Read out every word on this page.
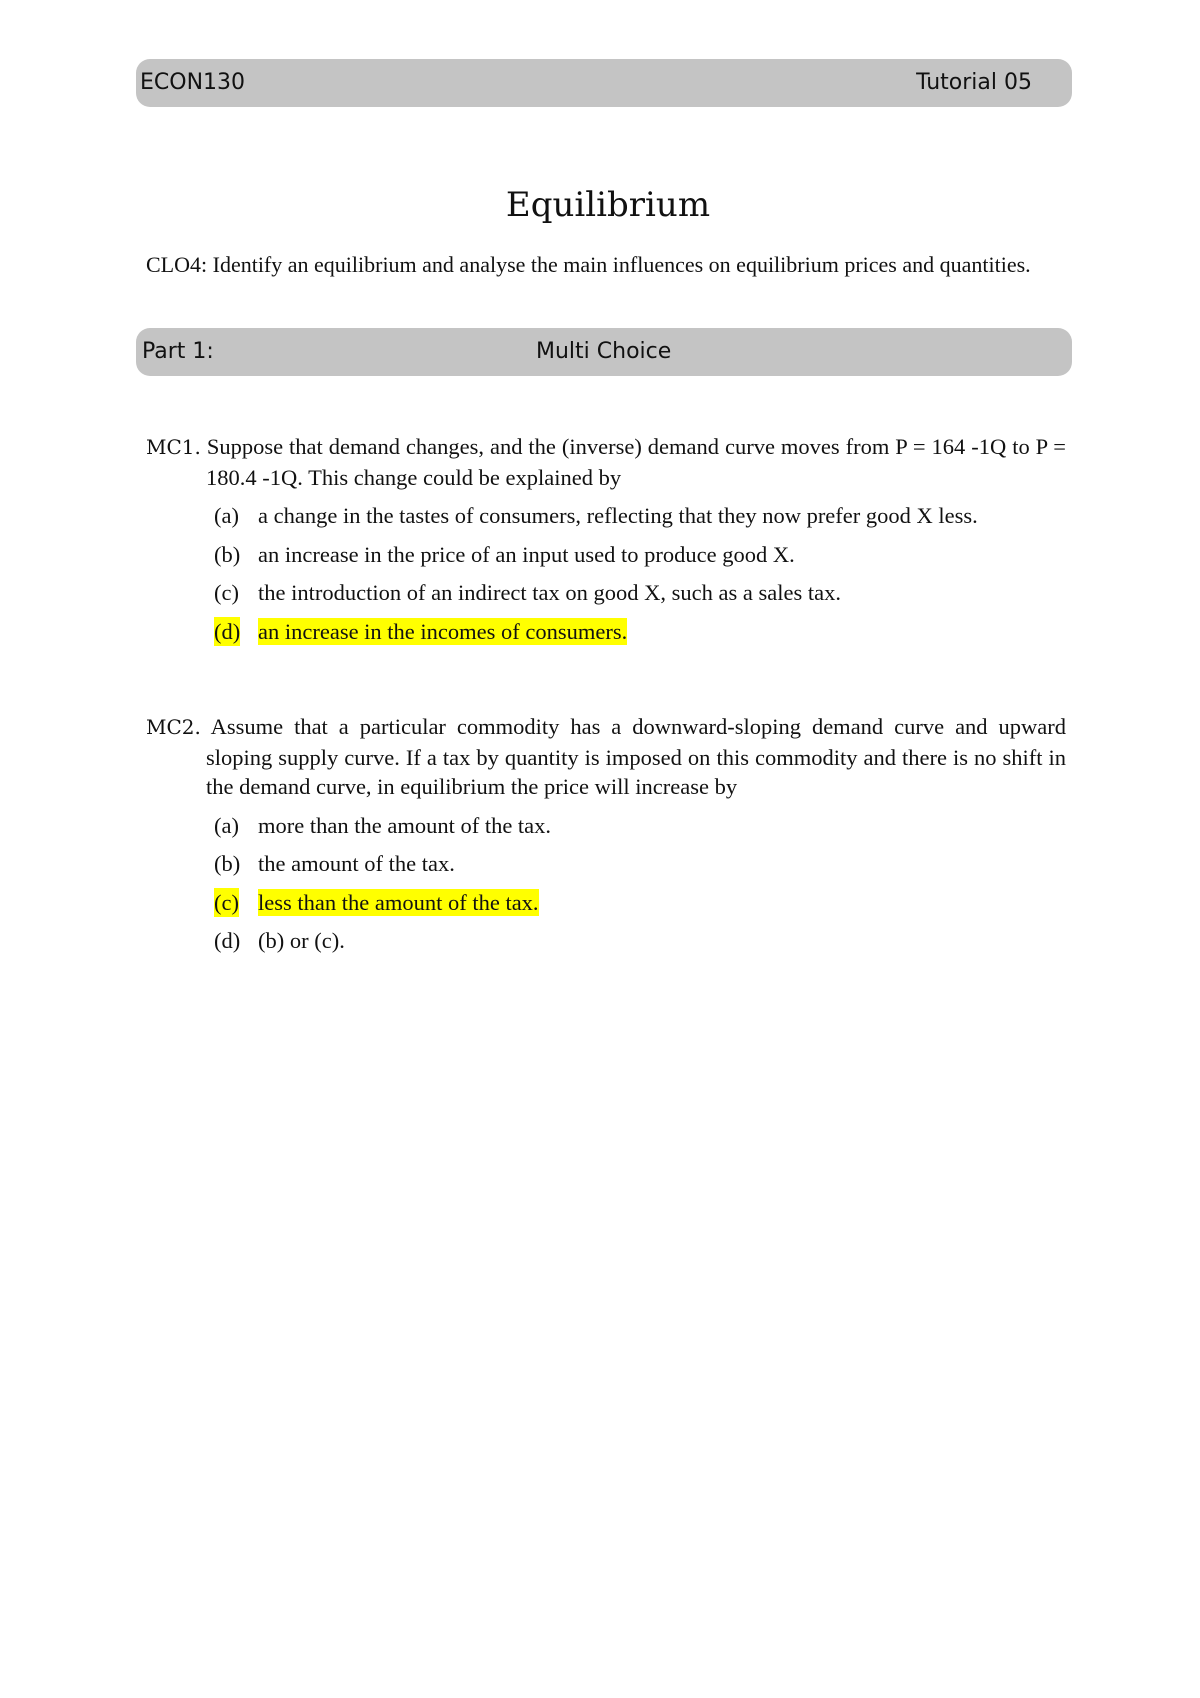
ECON130	Tutorial 05
Equilibrium

CLO4: Identify an equilibrium and analyse the main influences on equilibrium prices and quantities.

Part 1:	Multi Choice
MC1. Suppose that demand changes, and the (inverse) demand curve moves from P = 164 -1Q to P = 180.4 -1Q. This change could be explained by
(a) a change in the tastes of consumers, reflecting that they now prefer good X less.
(b) an increase in the price of an input used to produce good X.
(c) the introduction of an indirect tax on good X, such as a sales tax.
(d) an increase in the incomes of consumers.
MC2. Assume that a particular commodity has a downward-sloping demand curve and upward sloping supply curve. If a tax by quantity is imposed on this commodity and there is no shift in the demand curve, in equilibrium the price will increase by
(a) more than the amount of the tax.
(b) the amount of the tax.
(c) less than the amount of the tax.
(d) (b) or (c).
